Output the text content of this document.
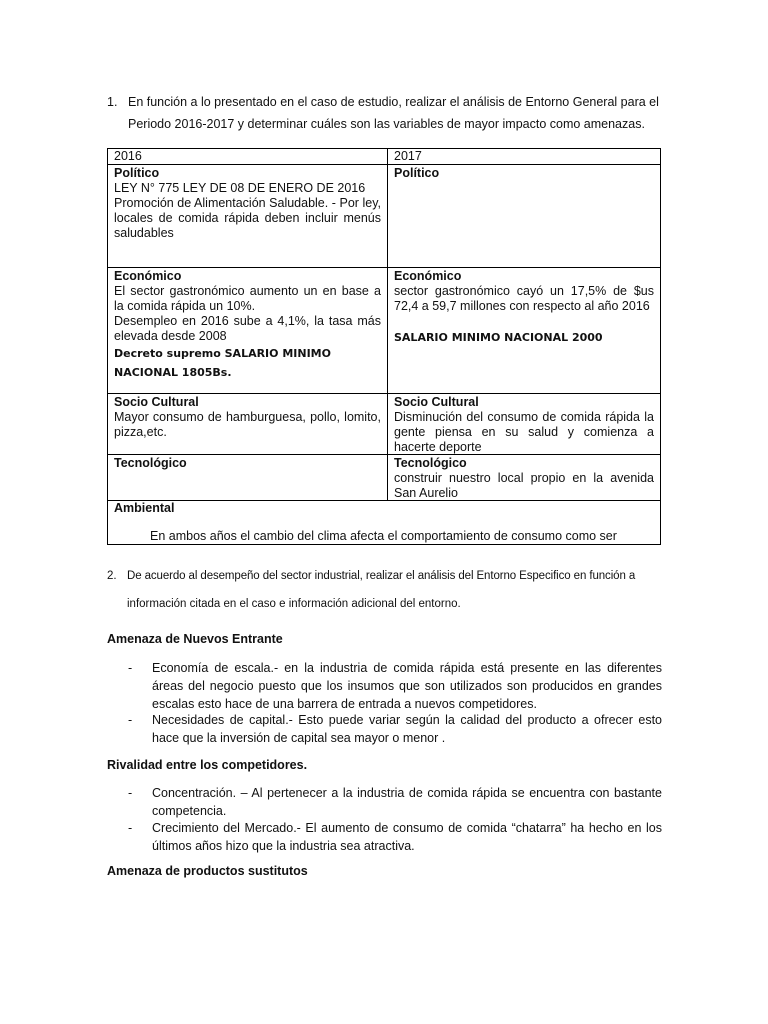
1. En función a lo presentado en el caso de estudio, realizar el análisis de Entorno General para el
Periodo 2016-2017 y determinar cuáles son las variables de mayor impacto como amenazas.
2016	2017
Político
LEY N° 775 LEY DE 08 DE ENERO DE 2016
Promoción de Alimentación Saludable. - Por ley, locales de comida rápida deben incluir menús saludables
Político
Económico
El sector gastronómico aumento un en base a la comida rápida un 10%.
Desempleo en 2016 sube a 4,1%, la tasa más elevada desde 2008
Decreto supremo SALARIO MINIMO NACIONAL 1805Bs.
Económico
sector gastronómico cayó un 17,5% de $us 72,4 a 59,7 millones con respecto al año 2016
SALARIO MINIMO NACIONAL 2000
Socio Cultural
Mayor consumo de hamburguesa, pollo, lomito, pizza,etc.
Socio Cultural
Disminución del consumo de comida rápida la gente piensa en su salud y comienza a hacerte deporte
Tecnológico	Tecnológico
construir nuestro local propio en la avenida San Aurelio
Ambiental
En ambos años el cambio del clima afecta el comportamiento de consumo como ser
2. De acuerdo al desempeño del sector industrial, realizar el análisis del Entorno Especifico en función a
información citada en el caso e información adicional del entorno.
Amenaza de Nuevos Entrante
- Economía de escala.- en la industria de comida rápida está presente en las diferentes áreas del negocio puesto que los insumos que son utilizados son producidos en grandes escalas esto hace de una barrera de entrada a nuevos competidores.
- Necesidades de capital.- Esto puede variar según la calidad del producto a ofrecer esto hace que la inversión de capital sea mayor o menor .
Rivalidad entre los competidores.
- Concentración. – Al pertenecer a la industria de comida rápida se encuentra con bastante competencia.
- Crecimiento del Mercado.- El aumento de consumo de comida “chatarra” ha hecho en los últimos años hizo que la industria sea atractiva.
Amenaza de productos sustitutos
